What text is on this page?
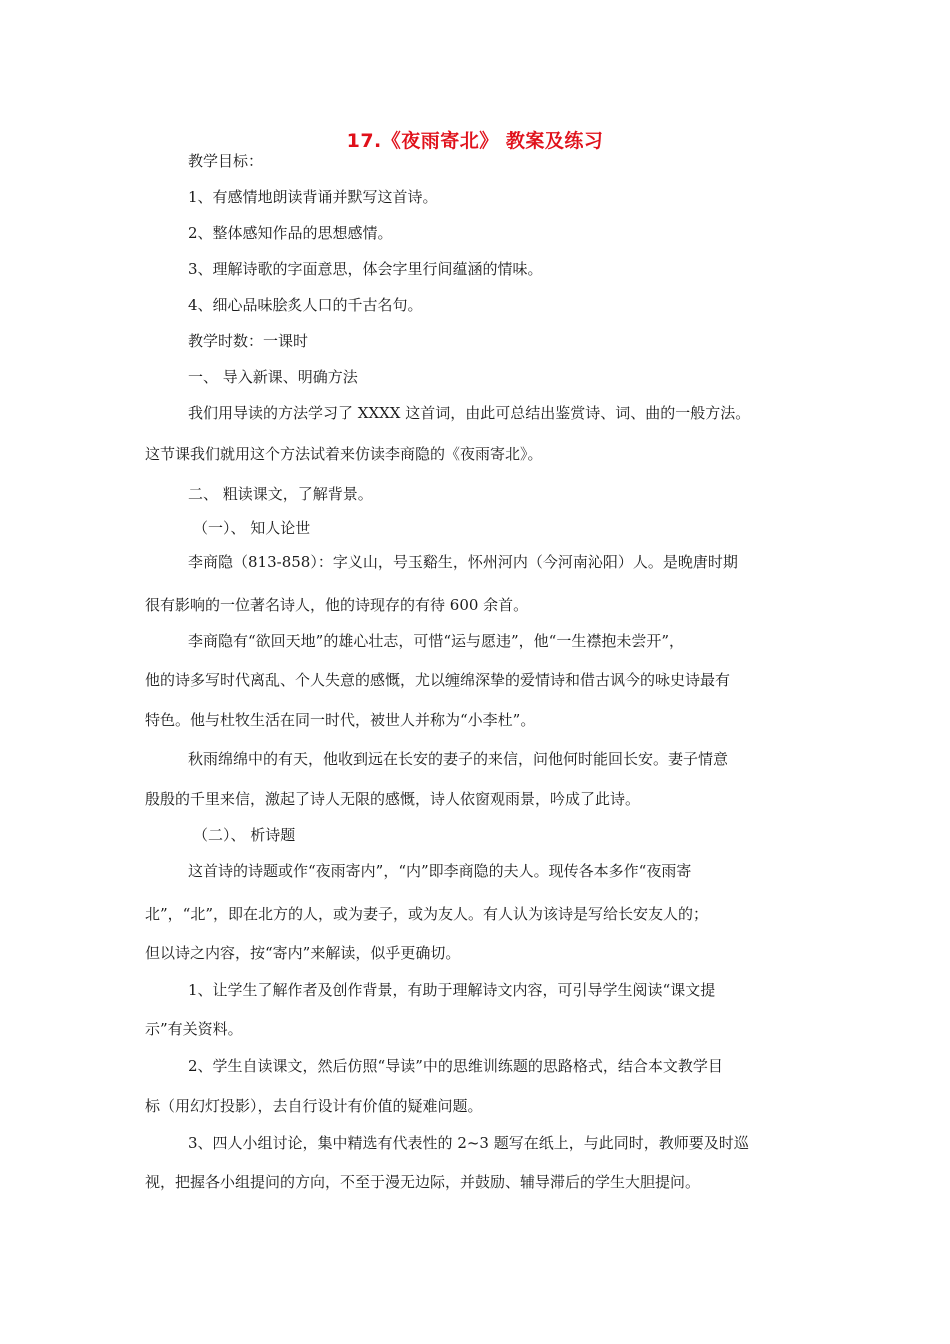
17.《夜雨寄北》 教案及练习
教学目标：
1、有感情地朗读背诵并默写这首诗。
2、整体感知作品的思想感情。
3、理解诗歌的字面意思，体会字里行间蕴涵的情味。
4、细心品味脍炙人口的千古名句。
教学时数：一课时
一、 导入新课、明确方法
我们用导读的方法学习了 XXXX 这首词，由此可总结出鉴赏诗、词、曲的一般方法。
这节课我们就用这个方法试着来仿读李商隐的《夜雨寄北》。
二、 粗读课文，了解背景。
（一）、 知人论世
李商隐（813-858）：字义山，号玉谿生，怀州河内（今河南沁阳）人。是晚唐时期
很有影响的一位著名诗人，他的诗现存的有待 600 余首。
李商隐有“欲回天地”的雄心壮志，可惜“运与愿违”，他“一生襟抱未尝开”，
他的诗多写时代离乱、个人失意的感慨，尤以缠绵深挚的爱情诗和借古讽今的咏史诗最有
特色。他与杜牧生活在同一时代，被世人并称为“小李杜”。
秋雨绵绵中的有天，他收到远在长安的妻子的来信，问他何时能回长安。妻子情意
殷殷的千里来信，激起了诗人无限的感慨，诗人依窗观雨景，吟成了此诗。
（二）、 析诗题
这首诗的诗题或作“夜雨寄内”，“内”即李商隐的夫人。现传各本多作“夜雨寄
北”，“北”，即在北方的人，或为妻子，或为友人。有人认为该诗是写给长安友人的；
但以诗之内容，按“寄内”来解读，似乎更确切。
1、让学生了解作者及创作背景，有助于理解诗文内容，可引导学生阅读“课文提
示”有关资料。
2、学生自读课文，然后仿照“导读”中的思维训练题的思路格式，结合本文教学目
标（用幻灯投影），去自行设计有价值的疑难问题。
3、四人小组讨论，集中精选有代表性的 2~3 题写在纸上，与此同时，教师要及时巡
视，把握各小组提问的方向，不至于漫无边际，并鼓励、辅导滞后的学生大胆提问。
